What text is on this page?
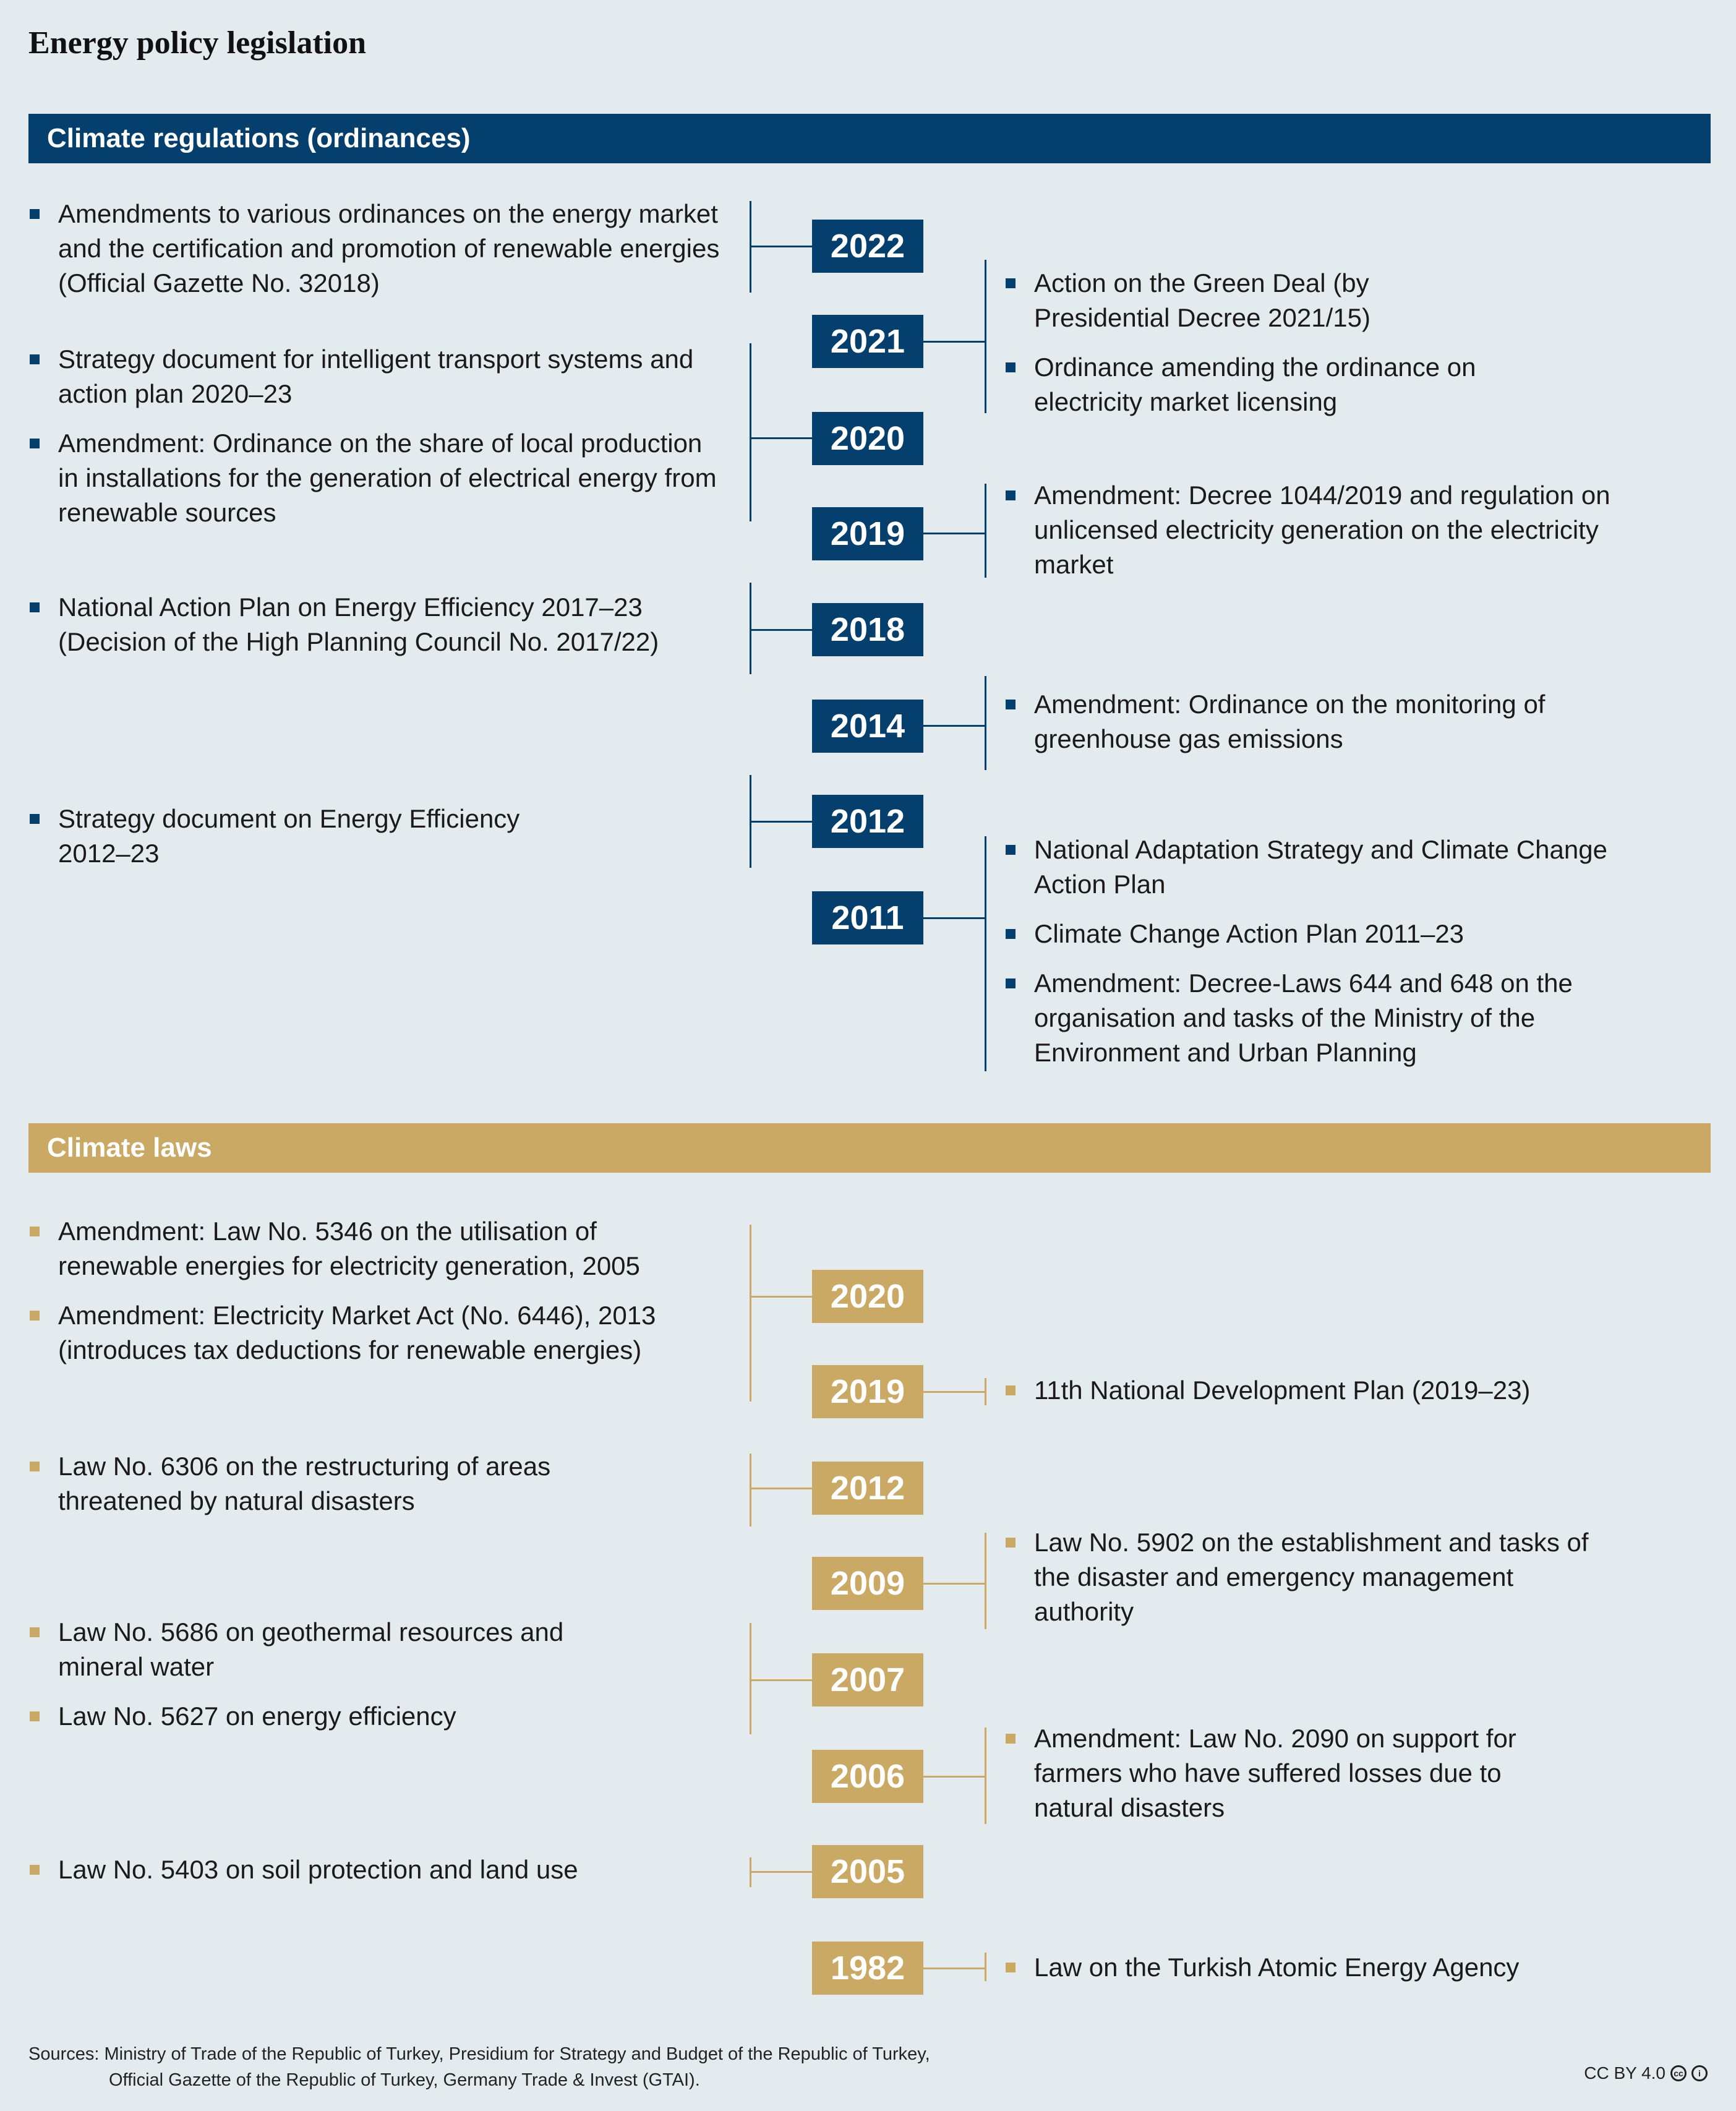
Energy policy legislation
Climate regulations (ordinances)
Climate laws
2022
2021
2020
2019
2018
2014
2012
2011
Amendments to various ordinances on the energy market and the certification and promotion of renewable energies (Official Gazette No. 32018)
Strategy document for intelligent transport systems and action plan 2020–23
Amendment: Ordinance on the share of local production in installations for the generation of electrical energy from renewable sources
National Action Plan on Energy Efficiency 2017–23 (Decision of the High Planning Council No. 2017/22)
Strategy document on Energy Efficiency 2012–23
Action on the Green Deal (by Presidential Decree 2021/15)
Ordinance amending the ordinance on electricity market licensing
Amendment: Decree 1044/2019 and regulation on unlicensed electricity generation on the electricity market
Amendment: Ordinance on the monitoring of greenhouse gas emissions
National Adaptation Strategy and Climate Change Action Plan
Climate Change Action Plan 2011–23
Amendment: Decree-Laws 644 and 648 on the organisation and tasks of the Ministry of the Environment and Urban Planning
2020
2019
2012
2009
2007
2006
2005
1982
Amendment: Law No. 5346 on the utilisation of renewable energies for electricity generation, 2005
Amendment: Electricity Market Act (No. 6446), 2013 (introduces tax deductions for renewable energies)
Law No. 6306 on the restructuring of areas threatened by natural disasters
Law No. 5686 on geothermal resources and mineral water
Law No. 5627 on energy efficiency
Law No. 5403 on soil protection and land use
11th National Development Plan (2019–23)
Law No. 5902 on the establishment and tasks of the disaster and emergency management authority
Amendment: Law No. 2090 on support for farmers who have suffered losses due to natural disasters
Law on the Turkish Atomic Energy Agency
Sources: Ministry of Trade of the Republic of Turkey, Presidium for Strategy and Budget of the Republic of Turkey,
Official Gazette of the Republic of Turkey, Germany Trade & Invest (GTAI).	CC BY 4.0 cc	i
